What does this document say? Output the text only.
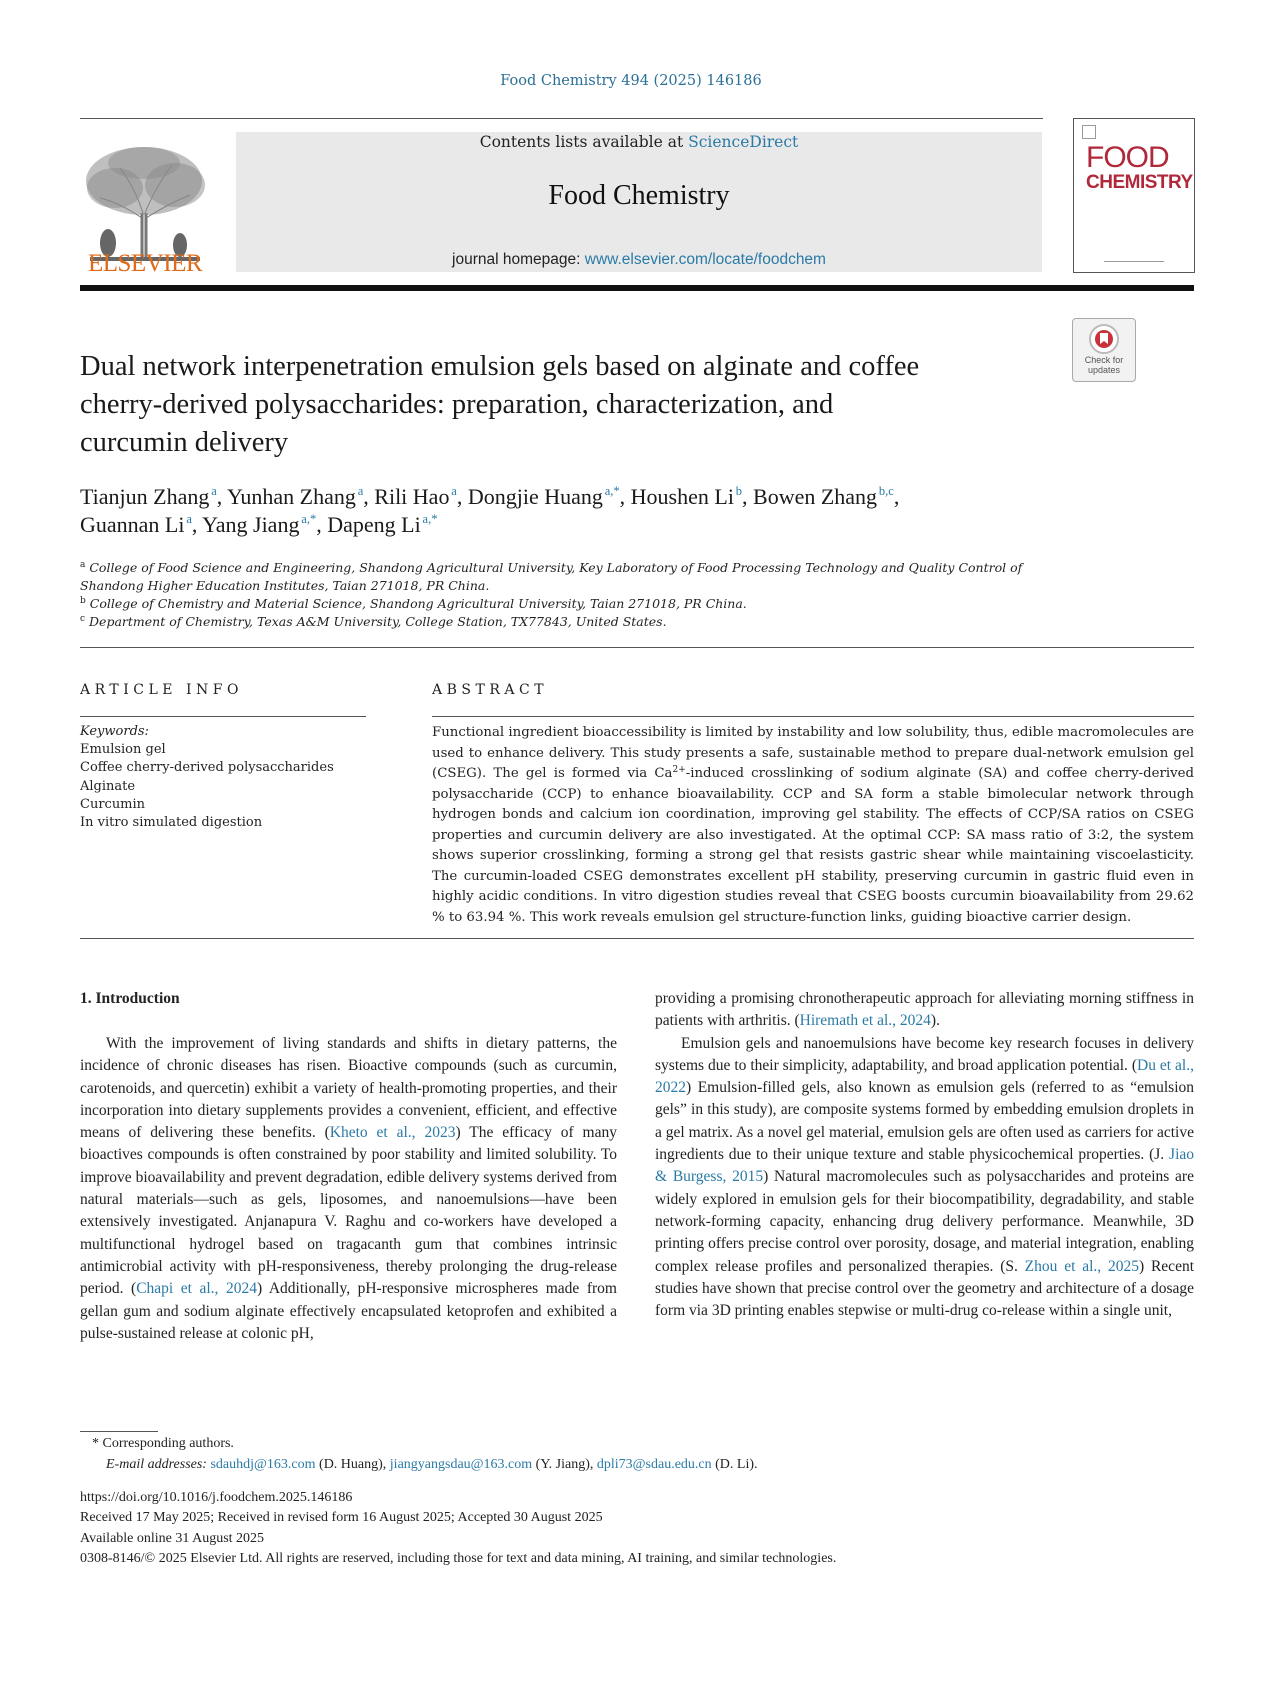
Food Chemistry 494 (2025) 146186
ELSEVIER
Contents lists available at ScienceDirect
Food Chemistry
journal homepage: www.elsevier.com/locate/foodchem
FOOD
CHEMISTRY
Check for updates
Dual network interpenetration emulsion gels based on alginate and coffee
cherry-derived polysaccharides: preparation, characterization, and
curcumin delivery
Tianjun Zhang  $^a$, Yunhan Zhang  $^a$, Rili Hao  $^a$, Dongjie Huang  $^{a,*}$, Houshen Li  $^b$, Bowen Zhang  $^{b,c}$,
Guannan Li  $^a$, Yang Jiang  $^{a,*}$, Dapeng Li  $^{a,*}$
$^a$ College of Food Science and Engineering, Shandong Agricultural University, Key Laboratory of Food Processing Technology and Quality Control of Shandong Higher Education Institutes, Taian 271018, PR China.
$^b$ College of Chemistry and Material Science, Shandong Agricultural University, Taian 271018, PR China.
$^c$ Department of Chemistry, Texas A&M University, College Station, TX77843, United States.
ARTICLE INFO	ABSTRACT
Keywords:
Emulsion gel
Coffee cherry-derived polysaccharides
Alginate
Curcumin
In vitro simulated digestion
Functional ingredient bioaccessibility is limited by instability and low solubility, thus, edible macromolecules are used to enhance delivery. This study presents a safe, sustainable method to prepare dual-network emulsion gel (CSEG). The gel is formed via $Ca^{2+}$-induced crosslinking of sodium alginate (SA) and coffee cherry-derived polysaccharide (CCP) to enhance bioavailability. CCP and SA form a stable bimolecular network through hydrogen bonds and calcium ion coordination, improving gel stability. The effects of CCP/SA ratios on CSEG properties and curcumin delivery are also investigated. At the optimal CCP: SA mass ratio of 3:2, the system shows superior crosslinking, forming a strong gel that resists gastric shear while maintaining viscoelasticity. The curcumin-loaded CSEG demonstrates excellent pH stability, preserving curcumin in gastric fluid even in highly acidic conditions. In vitro digestion studies reveal that CSEG boosts curcumin bioavailability from 29.62 % to 63.94 %. This work reveals emulsion gel structure-function links, guiding bioactive carrier design.
1. Introduction

With the improvement of living standards and shifts in dietary patterns, the incidence of chronic diseases has risen. Bioactive compounds (such as curcumin, carotenoids, and quercetin) exhibit a variety of health-promoting properties, and their incorporation into dietary supplements provides a convenient, efficient, and effective means of delivering these benefits. (Kheto et al., 2023) The efficacy of many bioactives compounds is often constrained by poor stability and limited solubility. To improve bioavailability and prevent degradation, edible delivery systems derived from natural materials—such as gels, liposomes, and nanoemulsions—have been extensively investigated. Anjanapura V. Raghu and co-workers have developed a multifunctional hydrogel based on tragacanth gum that combines intrinsic antimicrobial activity with pH-responsiveness, thereby prolonging the drug-release period. (Chapi et al., 2024) Additionally, pH-responsive microspheres made from gellan gum and sodium alginate effectively encapsulated ketoprofen and exhibited a pulse-sustained release at colonic pH,

providing a promising chronotherapeutic approach for alleviating morning stiffness in patients with arthritis. (Hiremath et al., 2024).

Emulsion gels and nanoemulsions have become key research focuses in delivery systems due to their simplicity, adaptability, and broad application potential. (Du et al., 2022) Emulsion-filled gels, also known as emulsion gels (referred to as “emulsion gels” in this study), are composite systems formed by embedding emulsion droplets in a gel matrix. As a novel gel material, emulsion gels are often used as carriers for active ingredients due to their unique texture and stable physicochemical properties. (J. Jiao & Burgess, 2015) Natural macromolecules such as polysaccharides and proteins are widely explored in emulsion gels for their biocompatibility, degradability, and stable network-forming capacity, enhancing drug delivery performance. Meanwhile, 3D printing offers precise control over porosity, dosage, and material integration, enabling complex release profiles and personalized therapies. (S. Zhou et al., 2025) Recent studies have shown that precise control over the geometry and architecture of a dosage form via 3D printing enables stepwise or multi-drug co-release within a single unit,

* Corresponding authors.
E-mail addresses: sdauhdj@163.com (D. Huang), jiangyangsdau@163.com (Y. Jiang), dpli73@sdau.edu.cn (D. Li).
https://doi.org/10.1016/j.foodchem.2025.146186
Received 17 May 2025; Received in revised form 16 August 2025; Accepted 30 August 2025
Available online 31 August 2025
0308-8146/© 2025 Elsevier Ltd. All rights are reserved, including those for text and data mining, AI training, and similar technologies.
